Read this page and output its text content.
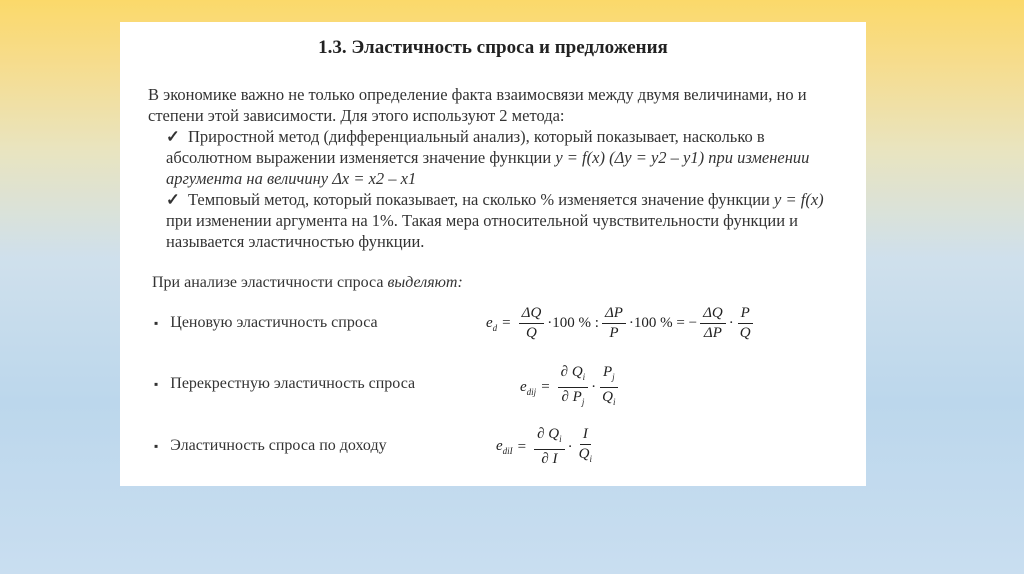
1.3. Эластичность спроса и предложения
В экономике важно не только определение факта взаимосвязи между двумя величинами, но и степени этой зависимости. Для этого используют 2 метода:
✓ Приростной метод (дифференциальный анализ), который показывает, насколько в абсолютном выражении изменяется значение функции y = f(x) (Δy = y2 – y1) при изменении аргумента на величину Δx = x2 – x1
✓ Темповый метод, который показывает, на сколько % изменяется значение функции y = f(x) при изменении аргумента на 1%. Такая мера относительной чувствительности функции и называется эластичностью функции.
При анализе эластичности спроса выделяют:
▪ Ценовую эластичность спроса
▪ Перекрестную эластичность спроса
▪ Эластичность спроса по доходу
$e_d = \frac{\Delta Q}{Q} \cdot 100$ % : $\frac{\Delta P}{P} \cdot 100$ % = − $\frac{\Delta Q}{\Delta P} \cdot \frac{P}{Q}$
$e_{dij} = \frac{\partial Q_i}{\partial P_j} \cdot \frac{P_j}{Q_i}$
$e_{diI} = \frac{\partial Q_i}{\partial I} \cdot \frac{I}{Q_i}$
